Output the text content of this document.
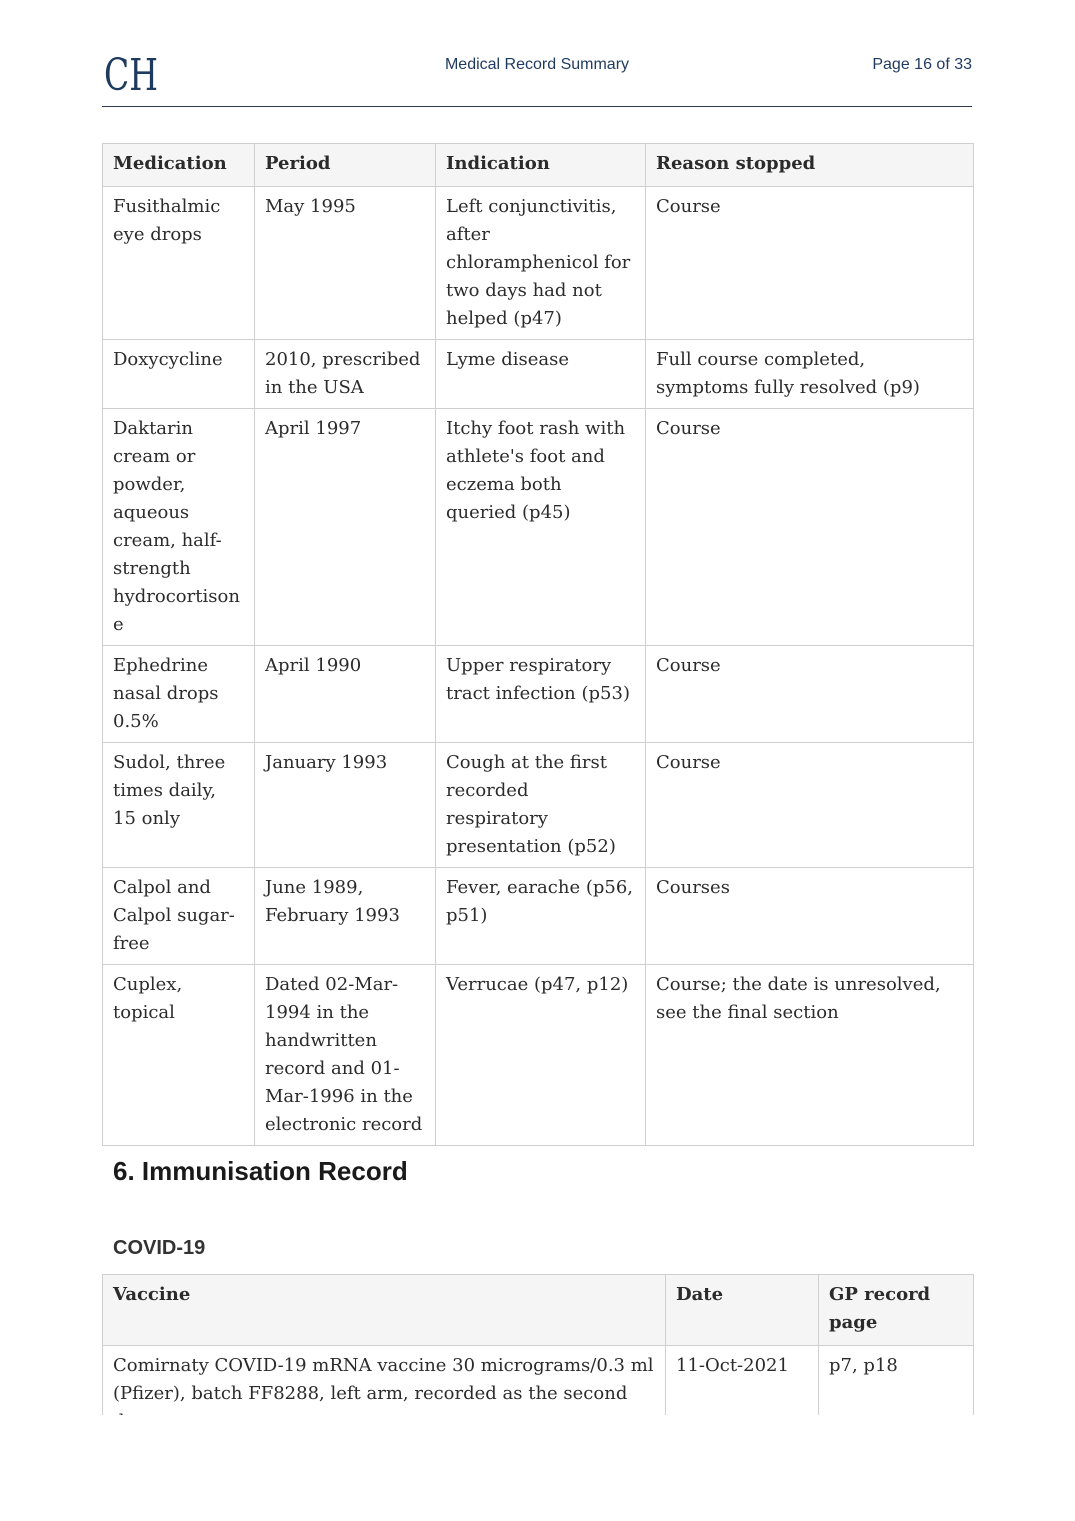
CH	Medical Record Summary	Page 16 of 33
Medication	Period	Indication	Reason stopped
Fusithalmic eye drops	May 1995	Left conjunctivitis, after chloramphenicol for two days had not helped (p47)	Course
Doxycycline	2010, prescribed in the USA	Lyme disease	Full course completed, symptoms fully resolved (p9)
Daktarin cream or powder, aqueous cream, half-strength hydrocortisone	April 1997	Itchy foot rash with athlete's foot and eczema both queried (p45)	Course
Ephedrine nasal drops 0.5%	April 1990	Upper respiratory tract infection (p53)	Course
Sudol, three times daily, 15 only	January 1993	Cough at the first recorded respiratory presentation (p52)	Course
Calpol and Calpol sugar-free	June 1989, February 1993	Fever, earache (p56, p51)	Courses
Cuplex, topical	Dated 02-Mar-1994 in the handwritten record and 01-Mar-1996 in the electronic record	Verrucae (p47, p12)	Course; the date is unresolved, see the final section
6. Immunisation Record
COVID-19
Vaccine	Date	GP record page
Comirnaty COVID-19 mRNA vaccine 30 micrograms/0.3 ml (Pfizer), batch FF8288, left arm, recorded as the second	11-Oct-2021	p7, p18
